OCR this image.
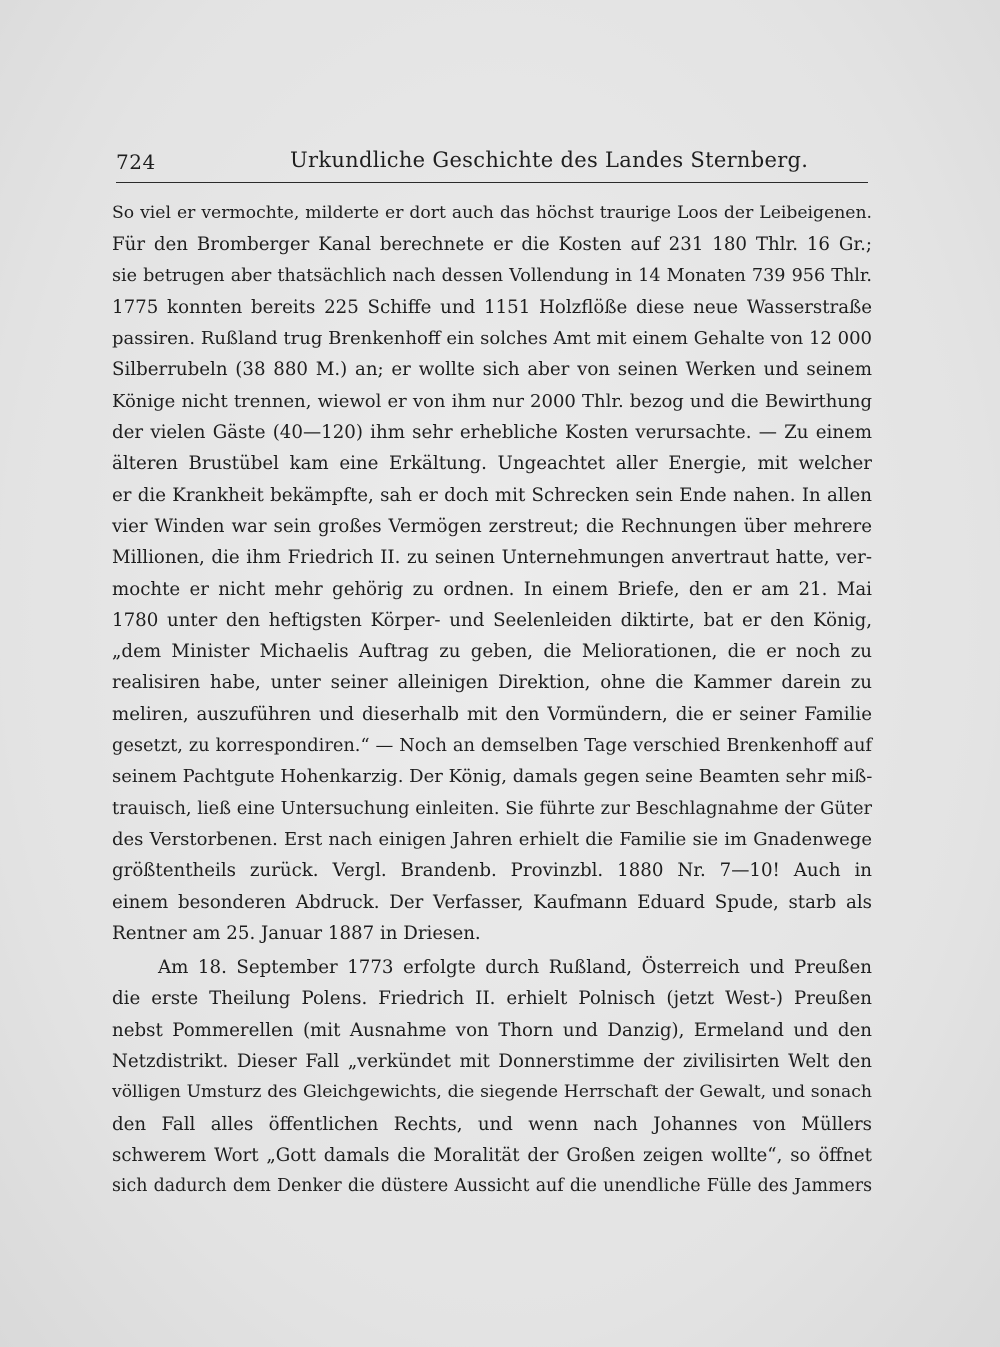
724	Urkundliche Geschichte des Landes Sternberg.
So viel er vermochte, milderte er dort auch das höchst traurige Loos der Leibeigenen.
Für den Bromberger Kanal berechnete er die Kosten auf 231 180 Thlr. 16 Gr.;
sie betrugen aber thatsächlich nach dessen Vollendung in 14 Monaten 739 956 Thlr.
1775 konnten bereits 225 Schiffe und 1151 Holzflöße diese neue Wasserstraße
passiren. Rußland trug Brenkenhoff ein solches Amt mit einem Gehalte von 12 000
Silberrubeln (38 880 M.) an; er wollte sich aber von seinen Werken und seinem
Könige nicht trennen, wiewol er von ihm nur 2000 Thlr. bezog und die Bewirthung
der vielen Gäste (40—120) ihm sehr erhebliche Kosten verursachte. — Zu einem
älteren Brustübel kam eine Erkältung. Ungeachtet aller Energie, mit welcher
er die Krankheit bekämpfte, sah er doch mit Schrecken sein Ende nahen. In allen
vier Winden war sein großes Vermögen zerstreut; die Rechnungen über mehrere
Millionen, die ihm Friedrich II. zu seinen Unternehmungen anvertraut hatte, ver-
mochte er nicht mehr gehörig zu ordnen. In einem Briefe, den er am 21. Mai
1780 unter den heftigsten Körper- und Seelenleiden diktirte, bat er den König,
„dem Minister Michaelis Auftrag zu geben, die Meliorationen, die er noch zu
realisiren habe, unter seiner alleinigen Direktion, ohne die Kammer darein zu
meliren, auszuführen und dieserhalb mit den Vormündern, die er seiner Familie
gesetzt, zu korrespondiren.“ — Noch an demselben Tage verschied Brenkenhoff auf
seinem Pachtgute Hohenkarzig. Der König, damals gegen seine Beamten sehr miß-
trauisch, ließ eine Untersuchung einleiten. Sie führte zur Beschlagnahme der Güter
des Verstorbenen. Erst nach einigen Jahren erhielt die Familie sie im Gnadenwege
größtentheils zurück. Vergl. Brandenb. Provinzbl. 1880 Nr. 7—10! Auch in
einem besonderen Abdruck. Der Verfasser, Kaufmann Eduard Spude, starb als
Rentner am 25. Januar 1887 in Driesen.
Am 18. September 1773 erfolgte durch Rußland, Österreich und Preußen
die erste Theilung Polens. Friedrich II. erhielt Polnisch (jetzt West-) Preußen
nebst Pommerellen (mit Ausnahme von Thorn und Danzig), Ermeland und den
Netzdistrikt. Dieser Fall „verkündet mit Donnerstimme der zivilisirten Welt den
völligen Umsturz des Gleichgewichts, die siegende Herrschaft der Gewalt, und sonach
den Fall alles öffentlichen Rechts, und wenn nach Johannes von Müllers
schwerem Wort „Gott damals die Moralität der Großen zeigen wollte“, so öffnet
sich dadurch dem Denker die düstere Aussicht auf die unendliche Fülle des Jammers
